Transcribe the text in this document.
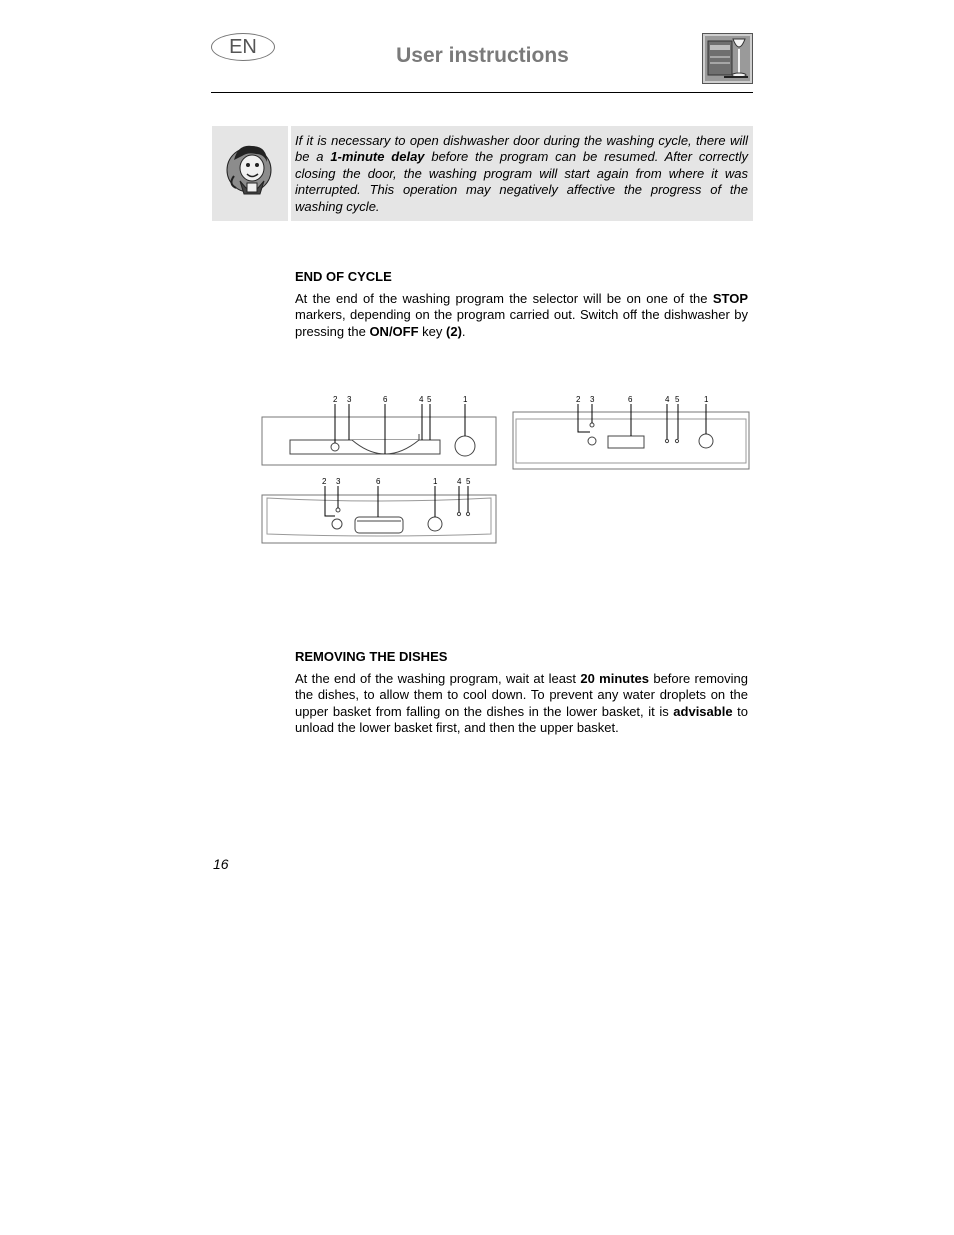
EN	User instructions
If it is necessary to open dishwasher door during the washing cycle, there will be a 1-minute delay before the program can be resumed. After correctly closing the door, the washing program will start again from where it was interrupted. This operation may negatively affective the progress of the washing cycle.
END OF CYCLE
At the end of the washing program the selector will be on one of the STOP markers, depending on the program carried out. Switch off the dishwasher by pressing the ON/OFF key (2).
2 3	6	4 5	1	2 3	6	4 5	1
2 3	6	1 4 5
REMOVING THE DISHES
At the end of the washing program, wait at least 20 minutes before removing the dishes, to allow them to cool down. To prevent any water droplets on the upper basket from falling on the dishes in the lower basket, it is advisable to unload the lower basket first, and then the upper basket.
16
